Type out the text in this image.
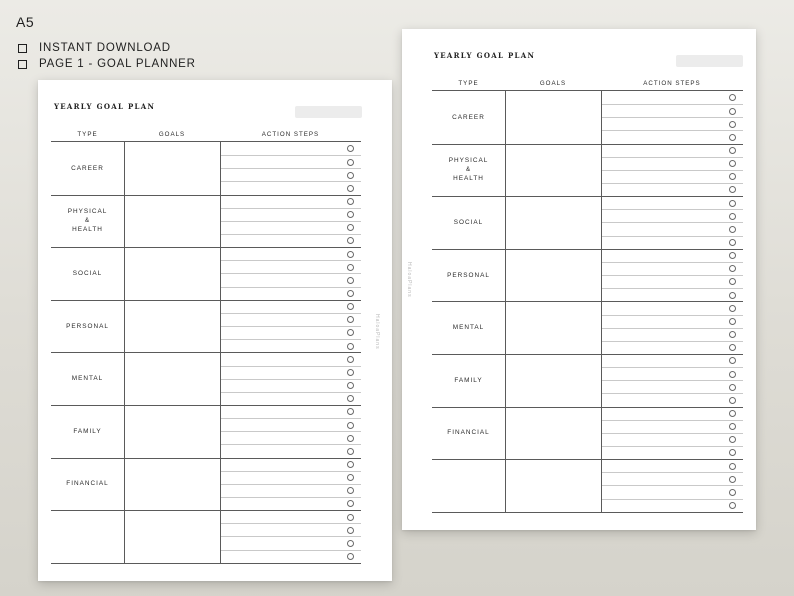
A5
INSTANT DOWNLOAD
PAGE 1 - GOAL PLANNER
YEARLY GOAL PLAN
TYPE	GOALS	ACTION STEPS
CAREER
PHYSICAL
&
HEALTH
SOCIAL
PERSONAL
MENTAL
FAMILY
FINANCIAL
HaloaPlans
YEARLY GOAL PLAN
TYPE	GOALS	ACTION STEPS
CAREER
PHYSICAL
&
HEALTH
SOCIAL
PERSONAL
MENTAL
FAMILY
FINANCIAL
HaloaPlans
